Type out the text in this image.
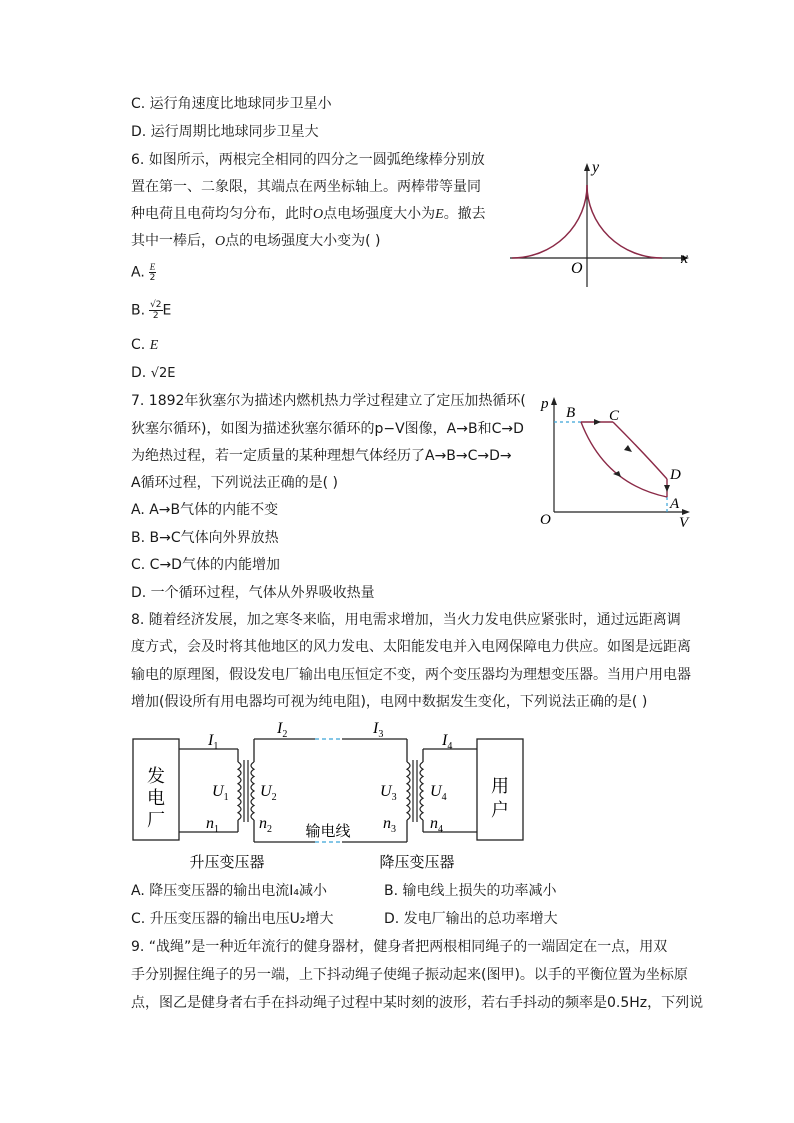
C. 运行角速度比地球同步卫星小
D. 运行周期比地球同步卫星大
6. 如图所示，两根完全相同的四分之一圆弧绝缘棒分别放
置在第一、二象限，其端点在两坐标轴上。两棒带等量同
种电荷且电荷均匀分布，此时O点电场强度大小为E。撤去
其中一棒后，O点的电场强度大小变为( )
A. $\frac{E}{2}$
B. $\frac{√2}{2}$ E
C. E
D. √2E
y
x
O
7. 1892年狄塞尔为描述内燃机热力学过程建立了定压加热循环(
狄塞尔循环)，如图为描述狄塞尔循环的p−V图像，A→B和C→D
为绝热过程，若一定质量的某种理想气体经历了A→B→C→D→
A循环过程，下列说法正确的是( )
A. A→B气体的内能不变
B. B→C气体向外界放热
C. C→D气体的内能增加
D. 一个循环过程，气体从外界吸收热量
p
V
O
B C
D
A
8. 随着经济发展，加之寒冬来临，用电需求增加，当火力发电供应紧张时，通过远距离调
度方式，会及时将其他地区的风力发电、太阳能发电并入电网保障电力供应。如图是远距离
输电的原理图，假设发电厂输出电压恒定不变，两个变压器均为理想变压器。当用户用电器
增加(假设所有用电器均可视为纯电阻)，电网中数据发生变化，下列说法正确的是( )
发
电
厂
用
户
$I_1$
$I_2$	$I_3$	$I_4$
$U_1$ $U_2$	$U_3$ $U_4$
$n_1$	$n_2$	$n_3$ $n_4$
输电线
升压变压器	降压变压器
A. 降压变压器的输出电流I₄减小	B. 输电线上损失的功率减小
C. 升压变压器的输出电压U₂增大	D. 发电厂输出的总功率增大
9. “战绳”是一种近年流行的健身器材，健身者把两根相同绳子的一端固定在一点，用双
手分别握住绳子的另一端，上下抖动绳子使绳子振动起来(图甲)。以手的平衡位置为坐标原
点，图乙是健身者右手在抖动绳子过程中某时刻的波形，若右手抖动的频率是0.5Hz，下列说
